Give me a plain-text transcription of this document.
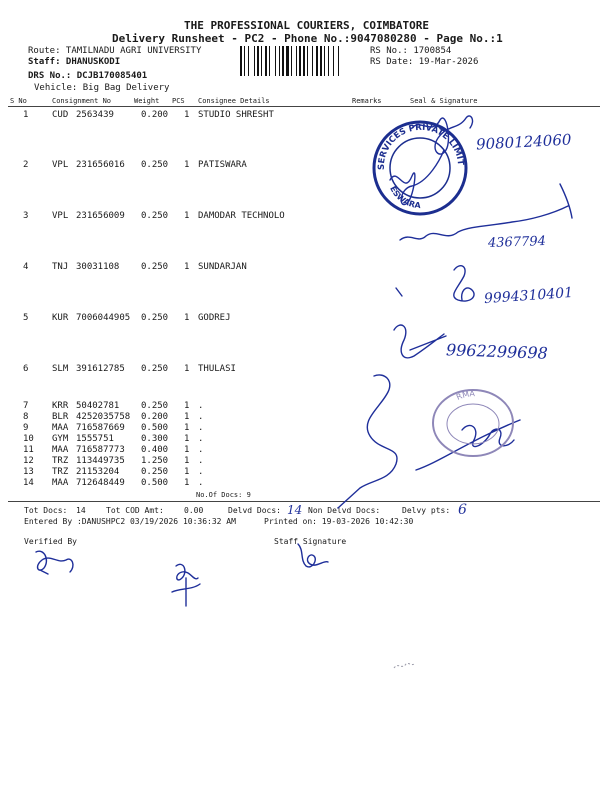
THE PROFESSIONAL COURIERS, COIMBATORE
Delivery Runsheet - PC2 - Phone No.:9047080280 - Page No.:1
Route: TAMILNADU AGRI UNIVERSITY
Staff: DHANUSKODI
DRS No.: DCJB170085401
Vehicle: Big Bag Delivery
RS No.: 1700854
RS Date: 19-Mar-2026
S No	Consignment No	Weight PCS Consignee Details	Remarks	Seal & Signature
1	CUD 2563439	0.200 1 STUDIO SHRESHT
2	VPL 231656016 0.250 1 PATISWARA
3	VPL 231656009 0.250 1 DAMODAR TECHNOLO
4	TNJ 30031108 0.250 1 SUNDARJAN
5	KUR 7006044905 0.250 1 GODREJ
6	SLM 391612785 0.250 1 THULASI
7	KRR 50402781 0.250 1 .
8	BLR 4252035758 0.200 1 .
9	MAA 716587669 0.500 1 .
10 GYM 1555751	0.300 1 .
11 MAA 716587773 0.400 1 .
12 TRZ 113449735 1.250 1 .
13 TRZ 21153204 0.250 1 .
14 MAA 712648449 0.500 1 .
No.Of Docs: 9
Tot Docs: 14	Tot COD Amt:	0.00	Delvd Docs:	Non Delvd Docs:	Delvy pts:
Entered By :DANUSHPC2 03/19/2026 10:36:32 AM	Printed on: 19-03-2026 10:42:30
Verified By	Staff Signature
9080124060
4367794
9994310401
9962299698
14	6
SERVICES PRIVATE LIMITED
ESWARA
RMA
